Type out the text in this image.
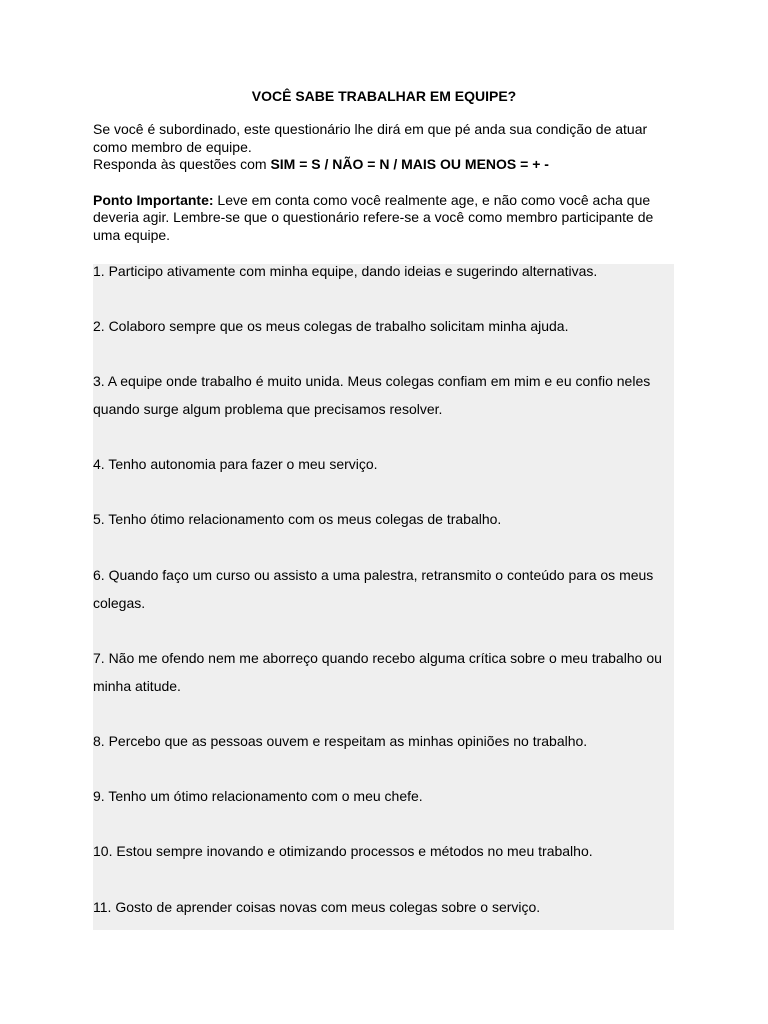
VOCÊ SABE TRABALHAR EM EQUIPE?

Se você é subordinado, este questionário lhe dirá em que pé anda sua condição de atuar como membro de equipe.

Responda às questões com SIM = S / NÃO = N / MAIS OU MENOS = + -

Ponto Importante: Leve em conta como você realmente age, e não como você acha que deveria agir. Lembre-se que o questionário refere-se a você como membro participante de uma equipe.

1. Participo ativamente com minha equipe, dando ideias e sugerindo alternativas.
2. Colaboro sempre que os meus colegas de trabalho solicitam minha ajuda.
3. A equipe onde trabalho é muito unida. Meus colegas confiam em mim e eu confio neles quando surge algum problema que precisamos resolver.
4. Tenho autonomia para fazer o meu serviço.
5. Tenho ótimo relacionamento com os meus colegas de trabalho.
6. Quando faço um curso ou assisto a uma palestra, retransmito o conteúdo para os meus colegas.
7. Não me ofendo nem me aborreço quando recebo alguma crítica sobre o meu trabalho ou minha atitude.
8. Percebo que as pessoas ouvem e respeitam as minhas opiniões no trabalho.
9. Tenho um ótimo relacionamento com o meu chefe.
10. Estou sempre inovando e otimizando processos e métodos no meu trabalho.
11. Gosto de aprender coisas novas com meus colegas sobre o serviço.
